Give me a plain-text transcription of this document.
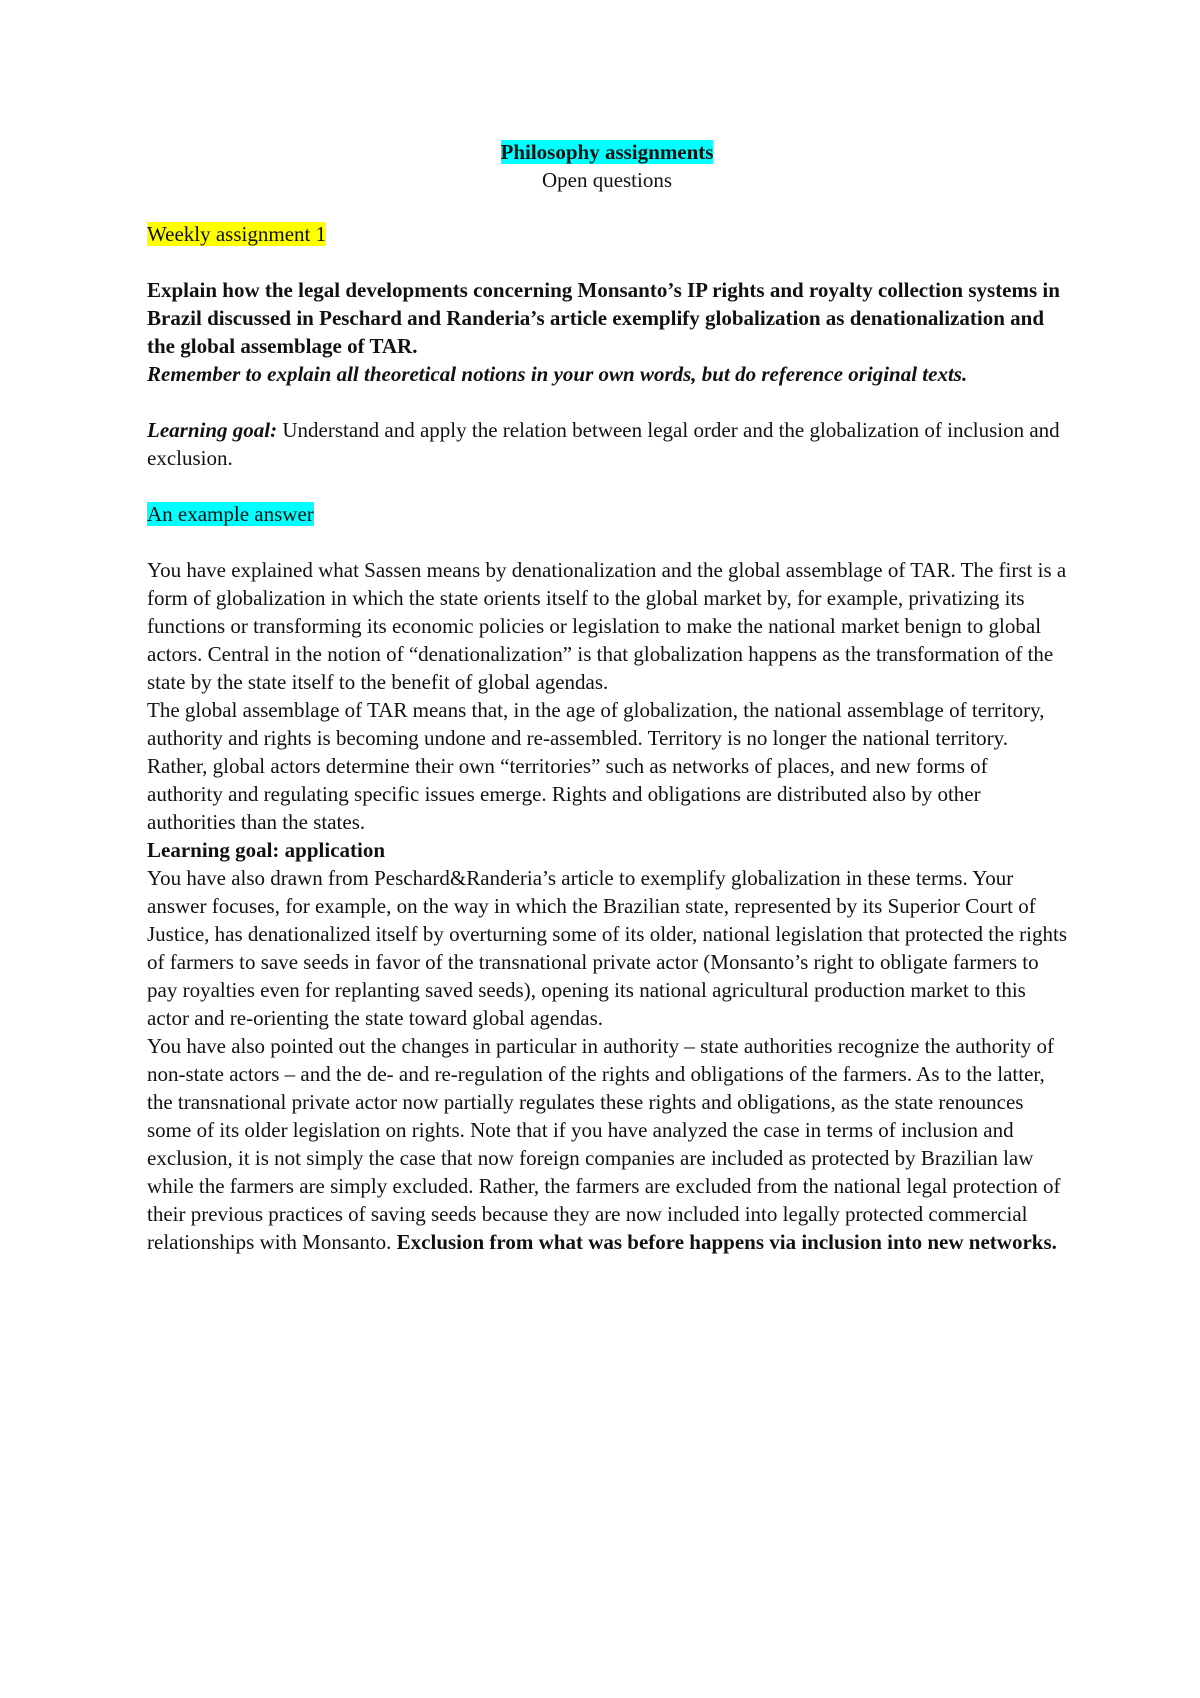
Philosophy assignments
Open questions

Weekly assignment 1

Explain how the legal developments concerning Monsanto’s IP rights and royalty collection systems in Brazil discussed in Peschard and Randeria’s article exemplify globalization as denationalization and the global assemblage of TAR.

Remember to explain all theoretical notions in your own words, but do reference original texts.

Learning goal: Understand and apply the relation between legal order and the globalization of inclusion and exclusion.

An example answer

You have explained what Sassen means by denationalization and the global assemblage of TAR. The first is a form of globalization in which the state orients itself to the global market by, for example, privatizing its functions or transforming its economic policies or legislation to make the national market benign to global actors. Central in the notion of “denationalization” is that globalization happens as the transformation of the state by the state itself to the benefit of global agendas.

The global assemblage of TAR means that, in the age of globalization, the national assemblage of territory, authority and rights is becoming undone and re-assembled. Territory is no longer the national territory. Rather, global actors determine their own “territories” such as networks of places, and new forms of authority and regulating specific issues emerge. Rights and obligations are distributed also by other authorities than the states.

Learning goal: application

You have also drawn from Peschard&Randeria’s article to exemplify globalization in these terms. Your answer focuses, for example, on the way in which the Brazilian state, represented by its Superior Court of Justice, has denationalized itself by overturning some of its older, national legislation that protected the rights of farmers to save seeds in favor of the transnational private actor (Monsanto’s right to obligate farmers to pay royalties even for replanting saved seeds), opening its national agricultural production market to this actor and re-orienting the state toward global agendas.

You have also pointed out the changes in particular in authority – state authorities recognize the authority of non-state actors – and the de- and re-regulation of the rights and obligations of the farmers. As to the latter, the transnational private actor now partially regulates these rights and obligations, as the state renounces some of its older legislation on rights. Note that if you have analyzed the case in terms of inclusion and exclusion, it is not simply the case that now foreign companies are included as protected by Brazilian law while the farmers are simply excluded. Rather, the farmers are excluded from the national legal protection of their previous practices of saving seeds because they are now included into legally protected commercial relationships with Monsanto. Exclusion from what was before happens via inclusion into new networks.
